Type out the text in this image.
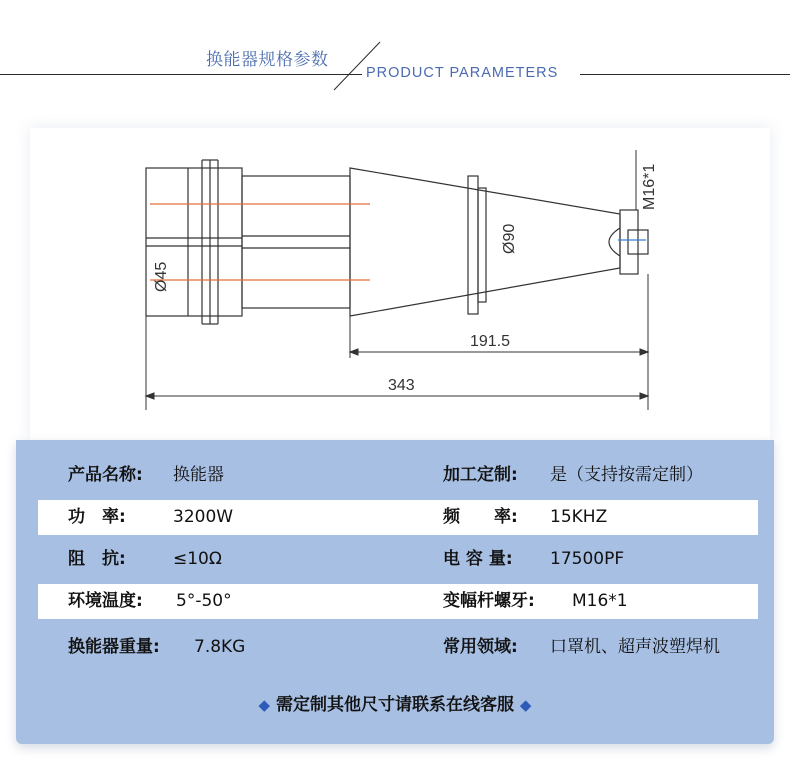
换能器规格参数
PRODUCT PARAMETERS
191.5
343
Ø45
Ø90
M16*1
产品名称: 换能器	加工定制: 是（支持按需定制）
功　率:	3200W	频　　率: 15KHZ
阻　抗:	≤10Ω	电 容 量: 17500PF
环境温度: 5°-50°	变幅杆螺牙: M16*1
换能器重量: 7.8KG	常用领域: 口罩机、超声波塑焊机
◆ 需定制其他尺寸请联系在线客服 ◆
